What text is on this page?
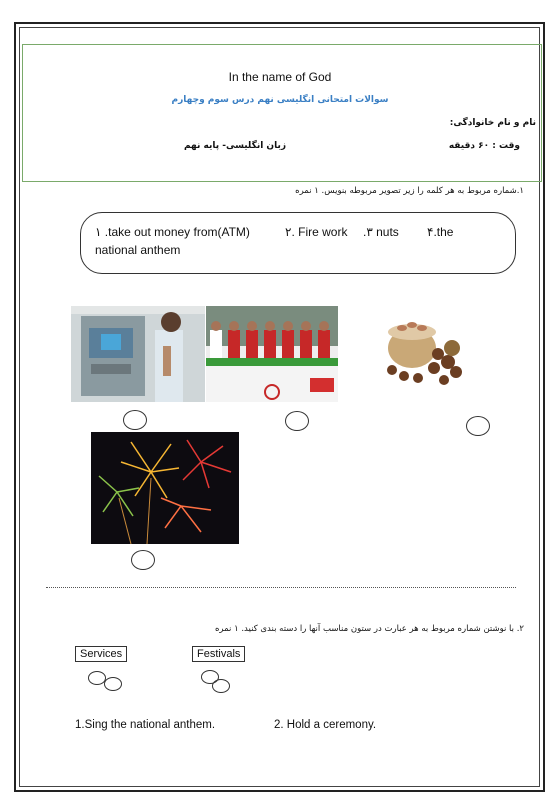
In the name of God
سوالات امتحانی انگلیسی نهم درس سوم وچهارم
نام و نام خانوادگی:
وقت : ۶۰ دقیقه
زبان انگلیسی- پایه نهم
۱.شماره مربوط به هر کلمه را زیر تصویر مربوطه بنویس. ۱ نمره
۱ .take out money from(ATM)	۲. Fire work .۳ nuts ۴.the
national anthem
۲. با نوشتن شماره مربوط به هر عبارت در ستون مناسب آنها را دسته بندی کنید. ۱ نمره
Services	Festivals
1.Sing the national anthem.	2. Hold a ceremony.
